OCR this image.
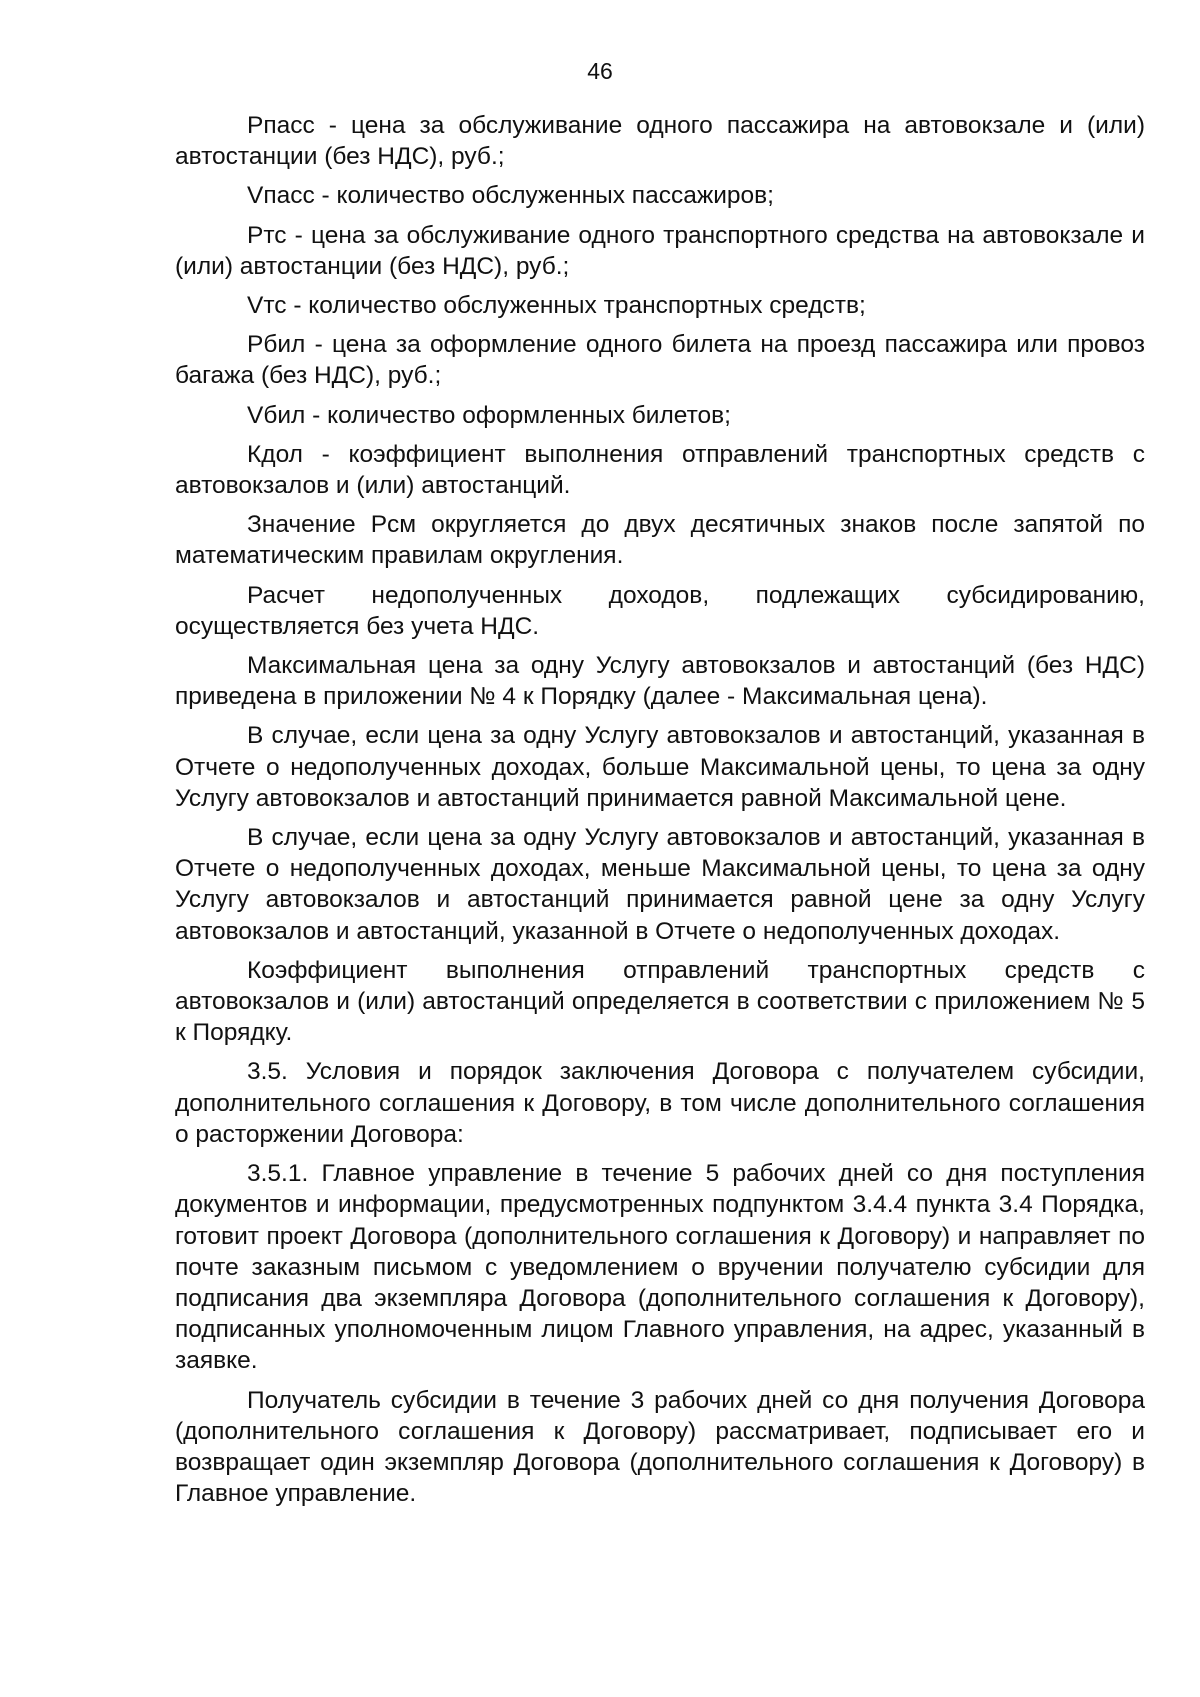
46

Рпасс - цена за обслуживание одного пассажира на автовокзале и (или) автостанции (без НДС), руб.;

Vпасс - количество обслуженных пассажиров;

Ртс - цена за обслуживание одного транспортного средства на автовокзале и (или) автостанции (без НДС), руб.;

Vтс - количество обслуженных транспортных средств;

Рбил - цена за оформление одного билета на проезд пассажира или провоз багажа (без НДС), руб.;

Vбил - количество оформленных билетов;

Кдол - коэффициент выполнения отправлений транспортных средств с автовокзалов и (или) автостанций.

Значение Рсм округляется до двух десятичных знаков после запятой по математическим правилам округления.

Расчет недополученных доходов, подлежащих субсидированию, осуществляется без учета НДС.

Максимальная цена за одну Услугу автовокзалов и автостанций (без НДС) приведена в приложении № 4 к Порядку (далее - Максимальная цена).

В случае, если цена за одну Услугу автовокзалов и автостанций, указанная в Отчете о недополученных доходах, больше Максимальной цены, то цена за одну Услугу автовокзалов и автостанций принимается равной Максимальной цене.

В случае, если цена за одну Услугу автовокзалов и автостанций, указанная в Отчете о недополученных доходах, меньше Максимальной цены, то цена за одну Услугу автовокзалов и автостанций принимается равной цене за одну Услугу автовокзалов и автостанций, указанной в Отчете о недополученных доходах.

Коэффициент выполнения отправлений транспортных средств с автовокзалов и (или) автостанций определяется в соответствии с приложением № 5 к Порядку.

3.5. Условия и порядок заключения Договора с получателем субсидии, дополнительного соглашения к Договору, в том числе дополнительного соглашения о расторжении Договора:

3.5.1. Главное управление в течение 5 рабочих дней со дня поступления документов и информации, предусмотренных подпунктом 3.4.4 пункта 3.4 Порядка, готовит проект Договора (дополнительного соглашения к Договору) и направляет по почте заказным письмом с уведомлением о вручении получателю субсидии для подписания два экземпляра Договора (дополнительного соглашения к Договору), подписанных уполномоченным лицом Главного управления, на адрес, указанный в заявке.

Получатель субсидии в течение 3 рабочих дней со дня получения Договора (дополнительного соглашения к Договору) рассматривает, подписывает его и возвращает один экземпляр Договора (дополнительного соглашения к Договору) в Главное управление.
